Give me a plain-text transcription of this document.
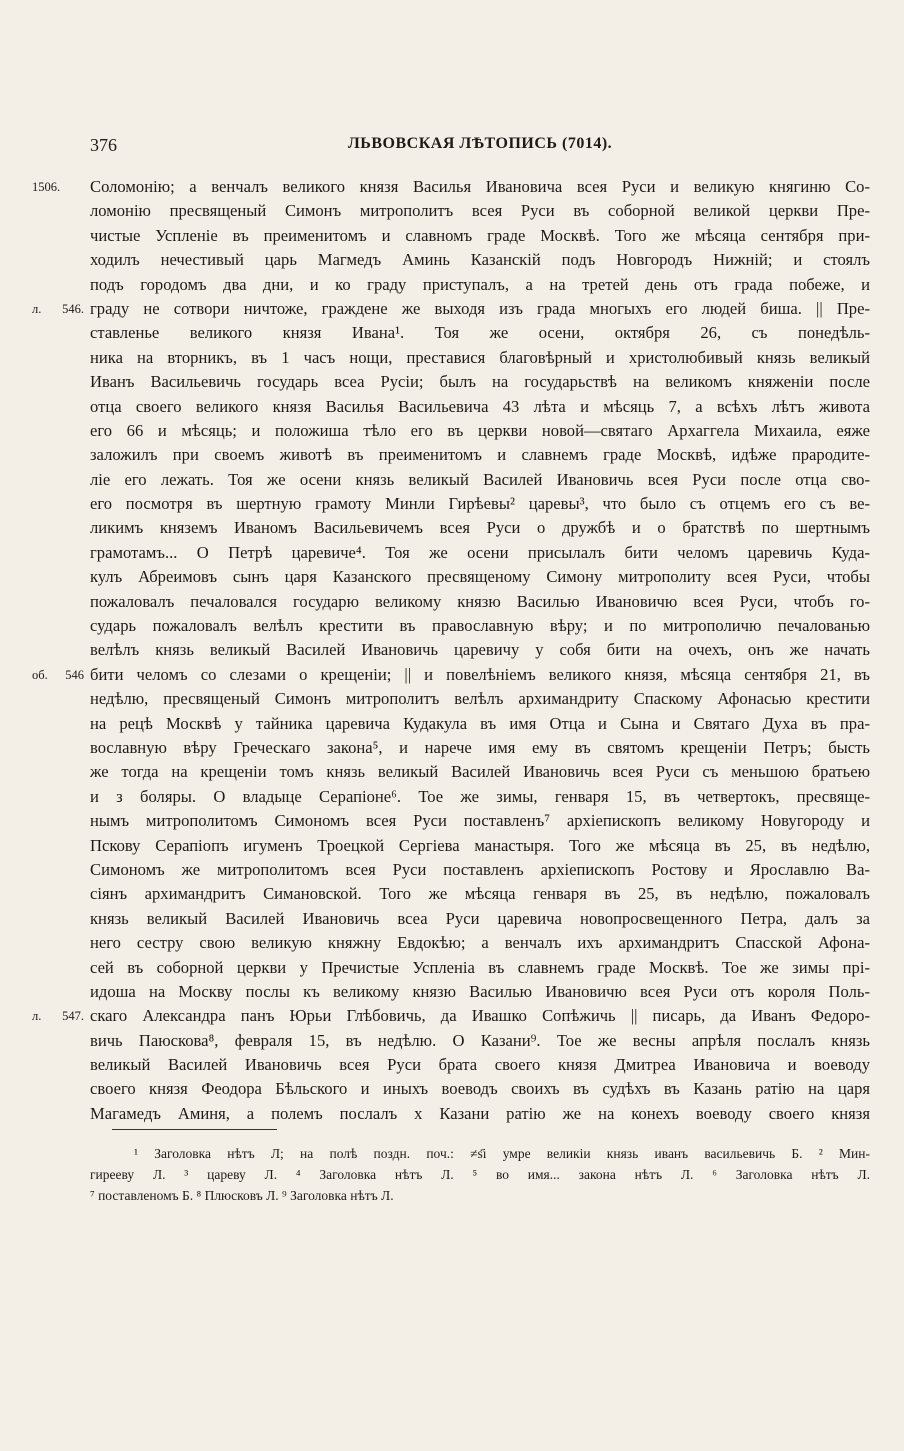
376	ЛЬВОВСКАЯ ЛѢТОПИСЬ (7014).
1506.	Соломонію; а венчалъ великого князя Василья Ивановича всея Руси и великую княгиню Со-
ломонію пресвященый Симонъ митрополитъ всея Руси въ соборной великой церкви Пре-
чистые Успленіе въ преименитомъ и славномъ граде Москвѣ. Того же мѣсяца сентября при-
ходилъ нечестивый царь Магмедъ Аминь Казанскій подъ Новгородъ Нижній; и стоялъ
подъ городомъ два дни, и ко граду приступалъ, а на третей день отъ града побеже, и
л. 546. граду не сотвори ничтоже, граждене же выходя изъ града многыхъ его людей биша. || Пре-
ставленье великого князя Ивана¹. Тоя же осени, октября 26, съ понедѣль-
ника на вторникъ, въ 1 часъ нощи, преставися благовѣрный и христолюбивый князь великый
Иванъ Васильевичь государь всеа Русіи; былъ на государьствѣ на великомъ княженіи после
отца своего великого князя Василья Васильевича 43 лѣта и мѣсяць 7, а всѣхъ лѣтъ живота
его 66 и мѣсяць; и положиша тѣло его въ церкви новой—святаго Архаггела Михаила, еяже
заложилъ при своемъ животѣ въ преименитомъ и славнемъ граде Москвѣ, идѣже прародите-
ліе его лежать. Тоя же осени князь великый Василей Ивановичь всея Руси после отца сво-
его посмотря въ шертную грамоту Минли Гирѣевы² царевы³, что было съ отцемъ его съ ве-
ликимъ княземъ Иваномъ Васильевичемъ всея Руси о дружбѣ и о братствѣ по шертнымъ
грамотамъ... О Петрѣ царевиче⁴. Тоя же осени присылалъ бити челомъ царевичь Куда-
кулъ Абреимовъ сынъ царя Казанского пресвященому Симону митрополиту всея Руси, чтобы
пожаловалъ печаловался государю великому князю Василью Ивановичю всея Руси, чтобъ го-
сударь пожаловалъ велѣлъ крестити въ православную вѣру; и по митрополичю печалованью
велѣлъ князь великый Василей Ивановичь царевичу у собя бити на очехъ, онъ же начать
об. 546 бити челомъ со слезами о крещеніи; || и повелѣніемъ великого князя, мѣсяца сентября 21, въ
недѣлю, пресвященый Симонъ митрополитъ велѣлъ архимандриту Спаскому Афонасью крестити
на рецѣ Москвѣ у тайника царевича Кудакула въ имя Отца и Сына и Святаго Духа въ пра-
вославную вѣру Греческаго закона⁵, и нарече имя ему въ святомъ крещеніи Петръ; бысть
же тогда на крещеніи томъ князь великый Василей Ивановичь всея Руси съ меньшою братьею
и з боляры. О владыце Серапіоне⁶. Тое же зимы, генваря 15, въ четвертокъ, пресвяще-
нымъ митрополитомъ Симономъ всея Руси поставленъ⁷ архіепископъ великому Новугороду и
Пскову Серапіопъ игуменъ Троецкой Сергіева манастыря. Того же мѣсяца въ 25, въ недѣлю,
Симономъ же митрополитомъ всея Руси поставленъ архіепископъ Ростову и Ярославлю Ва-
сіянъ архимандритъ Симановской. Того же мѣсяца генваря въ 25, въ недѣлю, пожаловалъ
князь великый Василей Ивановичь всеа Руси царевича новопросвещенного Петра, далъ за
него сестру свою великую княжну Евдокѣю; а венчалъ ихъ архимандритъ Спасской Афона-
сей въ соборной церкви у Пречистые Успленіа въ славнемъ граде Москвѣ. Тое же зимы прі-
идоша на Москву послы къ великому князю Василью Ивановичю всея Руси отъ короля Поль-
л. 547. скаго Александра панъ Юрьи Глѣбовичь, да Ивашко Сопѣжичь || писарь, да Иванъ Федоро-
вичь Паюскова⁸, февраля 15, въ недѣлю. О Казани⁹. Тое же весны апрѣля послалъ князь
великый Василей Ивановичь всея Руси брата своего князя Дмитреа Ивановича и воеводу
своего князя Феодора Бѣльского и иныхъ воеводъ своихъ въ судѣхъ въ Казань ратію на царя
Магамедъ Аминя, а полемъ послалъ х Казани ратію же на конехъ воеводу своего князя
¹ Заголовка нѣтъ Л; на полѣ поздн. поч.: ≠ѕ҃ı умре великіи князь иванъ васильевичь Б. ² Мин-
гиреeву Л. ³ цареву Л. ⁴ Заголовка нѣтъ Л. ⁵ во имя... закона нѣтъ Л. ⁶ Заголовка нѣтъ Л.
⁷ поставленомъ Б. ⁸ Плюсковъ Л. ⁹ Заголовка нѣтъ Л.
